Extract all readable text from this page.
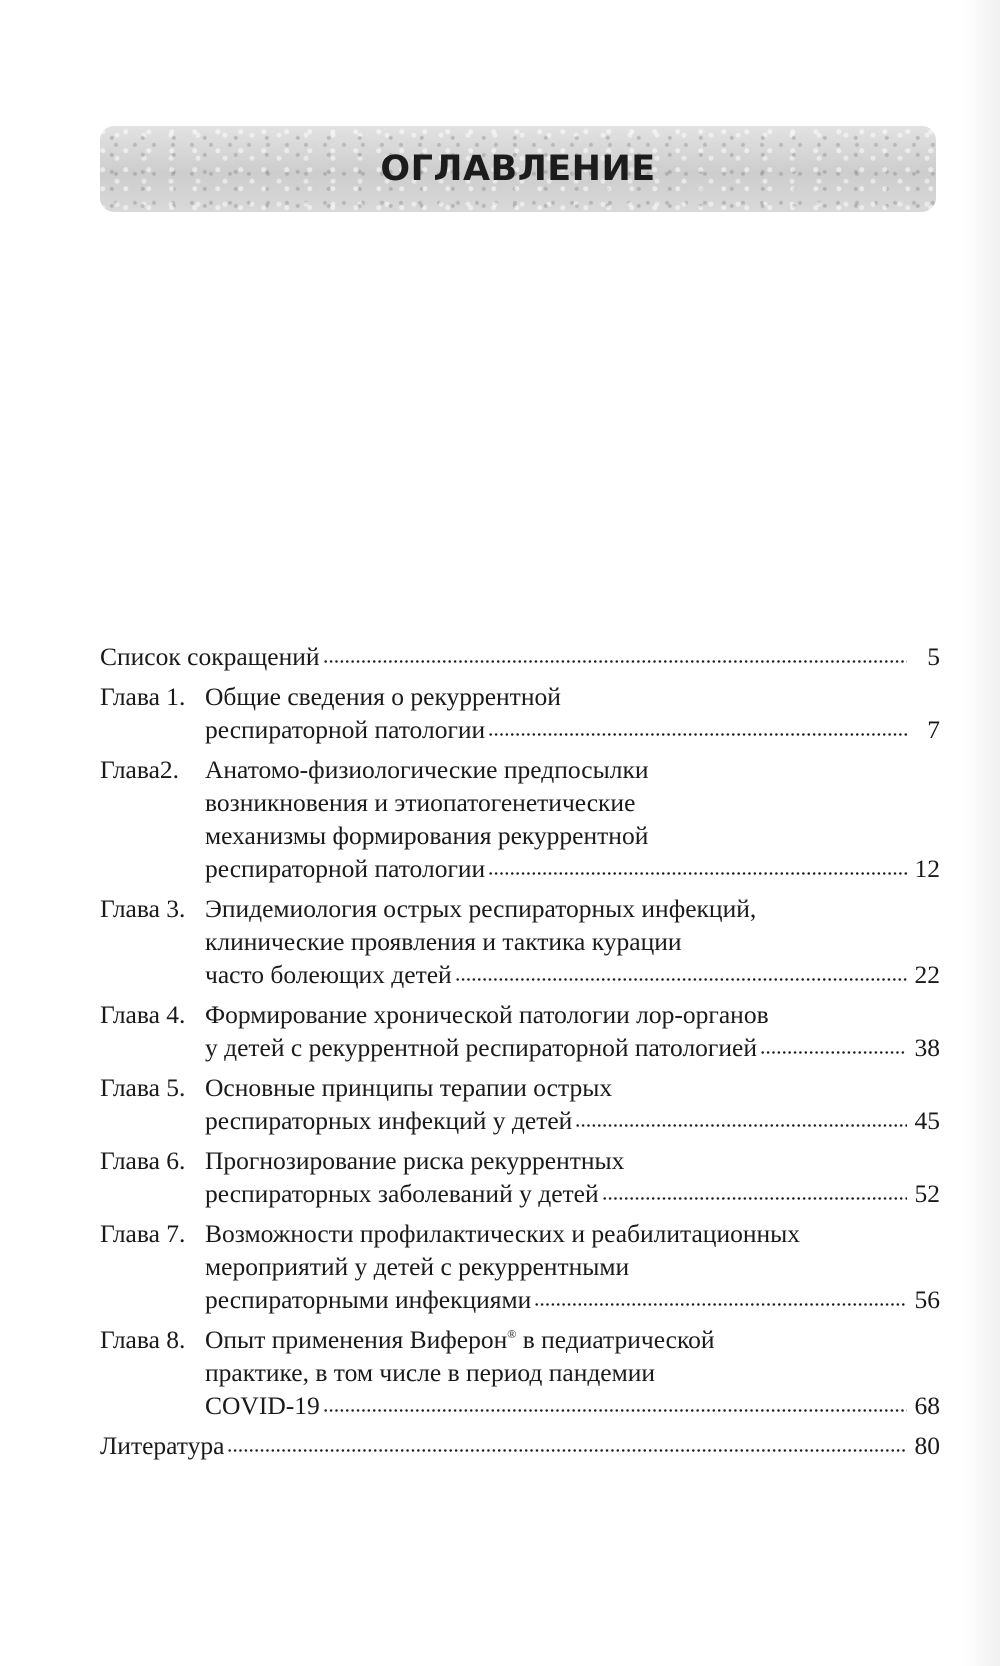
ОГЛАВЛЕНИЕ
Список сокращений	5
Глава 1. Общие сведения о рекуррентной
респираторной патологии	7
Глава2.	Анатомо-физиологические предпосылки
возникновения и этиопатогенетические
механизмы формирования рекуррентной
респираторной патологии	12
Глава 3. Эпидемиология острых респираторных инфекций,
клинические проявления и тактика курации
часто болеющих детей	22
Глава 4. Формирование хронической патологии лор-органов
у детей с рекуррентной респираторной патологией	38
Глава 5. Основные принципы терапии острых
респираторных инфекций у детей	45
Глава 6. Прогнозирование риска рекуррентных
респираторных заболеваний у детей	52
Глава 7. Возможности профилактических и реабилитационных
мероприятий у детей с рекуррентными
респираторными инфекциями	56
Глава 8. Опыт применения Виферон® в педиатрической
практике, в том числе в период пандемии
COVID-19	68
Литература	80
